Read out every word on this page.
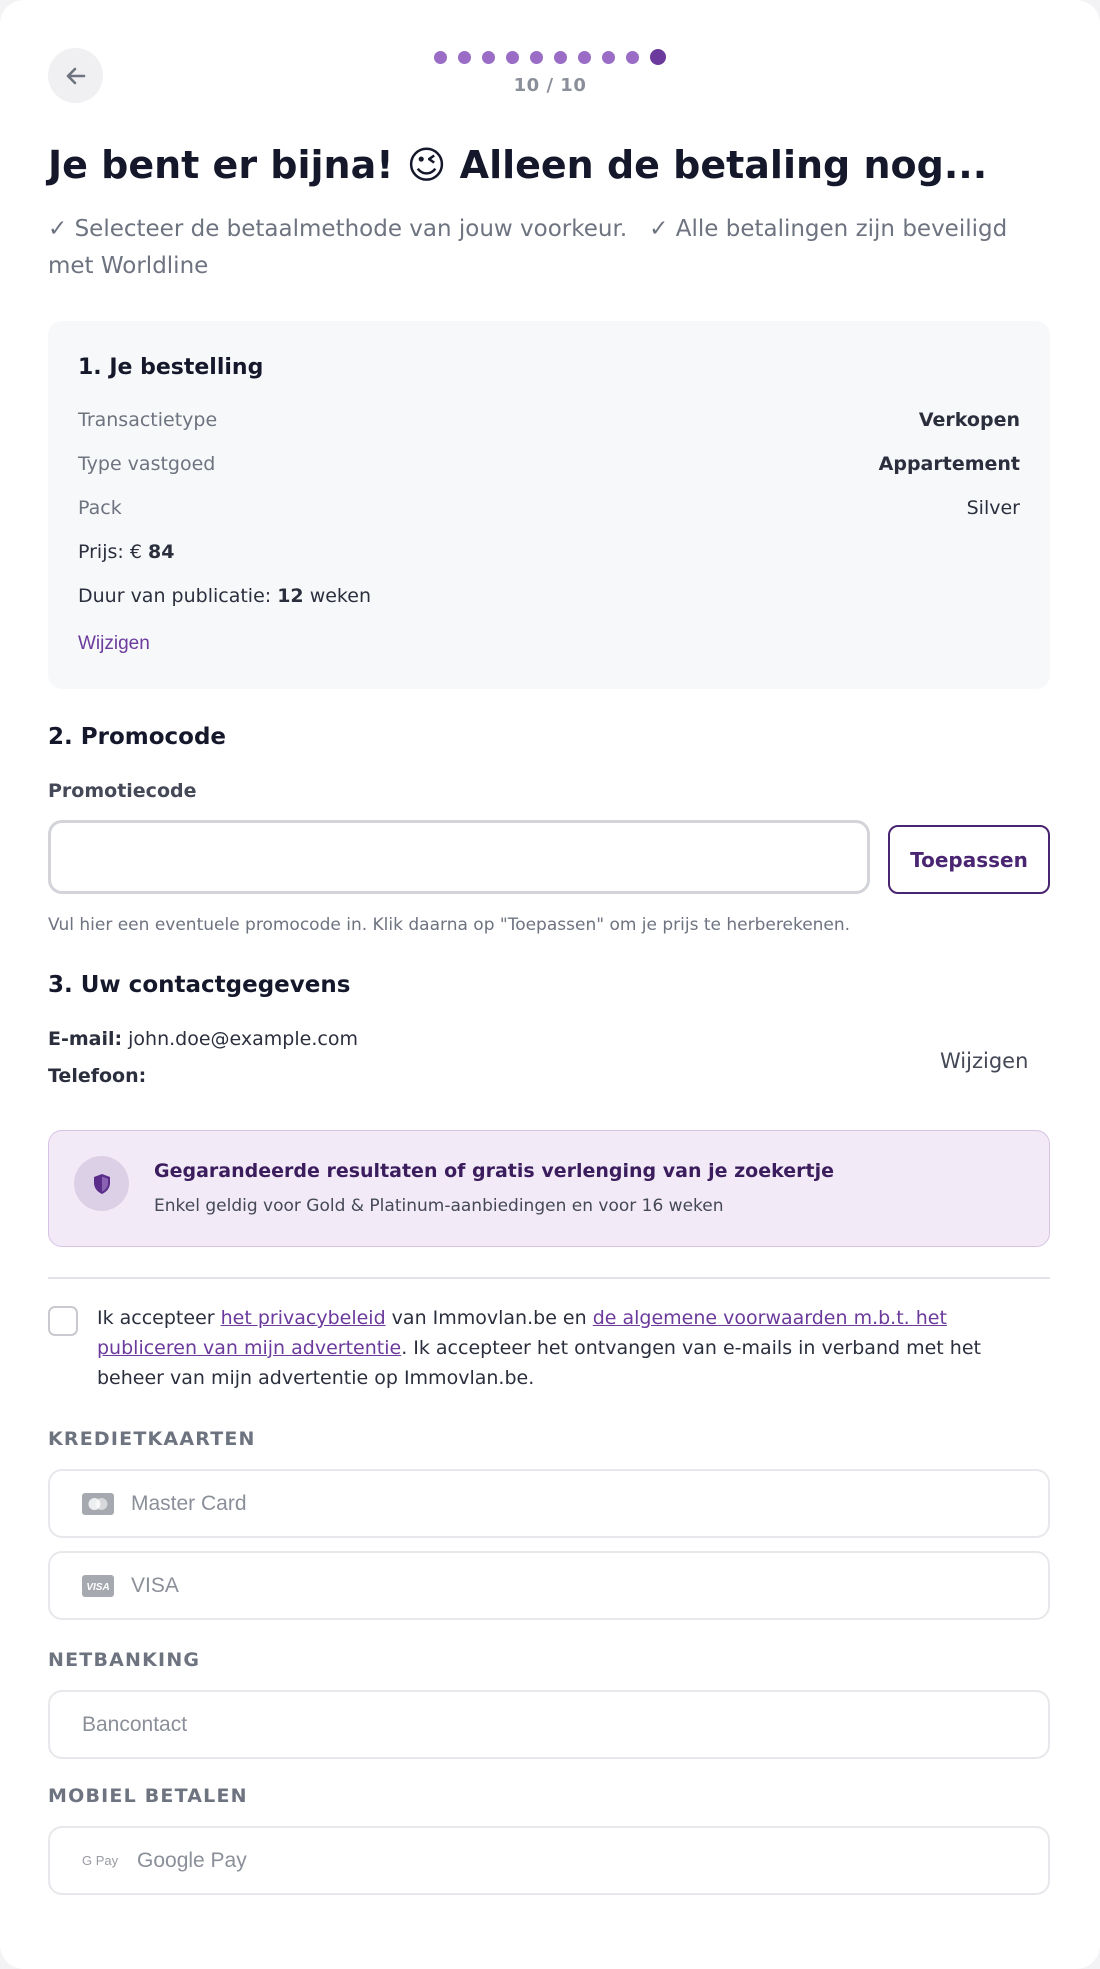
10 / 10
Je bent er bijna! 😉 Alleen de betaling nog...
✓ Selecteer de betaalmethode van jouw voorkeur. ✓ Alle betalingen zijn beveiligd met Worldline
1. Je bestelling
Transactietype	Verkopen
Type vastgoed	Appartement
Pack	Silver
Prijs: € 84
Duur van publicatie: 12 weken
Wijzigen
2. Promocode
Promotiecode
Toepassen
Vul hier een eventuele promocode in. Klik daarna op "Toepassen" om je prijs te herberekenen.
3. Uw contactgegevens
E-mail: john.doe@example.com
Telefoon:
Wijzigen
Gegarandeerde resultaten of gratis verlenging van je zoekertje
Enkel geldig voor Gold & Platinum-aanbiedingen en voor 16 weken
Ik accepteer het privacybeleid van Immovlan.be en de algemene voorwaarden m.b.t. het publiceren van mijn advertentie. Ik accepteer het ontvangen van e-mails in verband met het beheer van mijn advertentie op Immovlan.be.
KREDIETKAARTEN
Master Card
VISA VISA
NETBANKING
Bancontact
MOBIEL BETALEN
G Pay Google Pay
